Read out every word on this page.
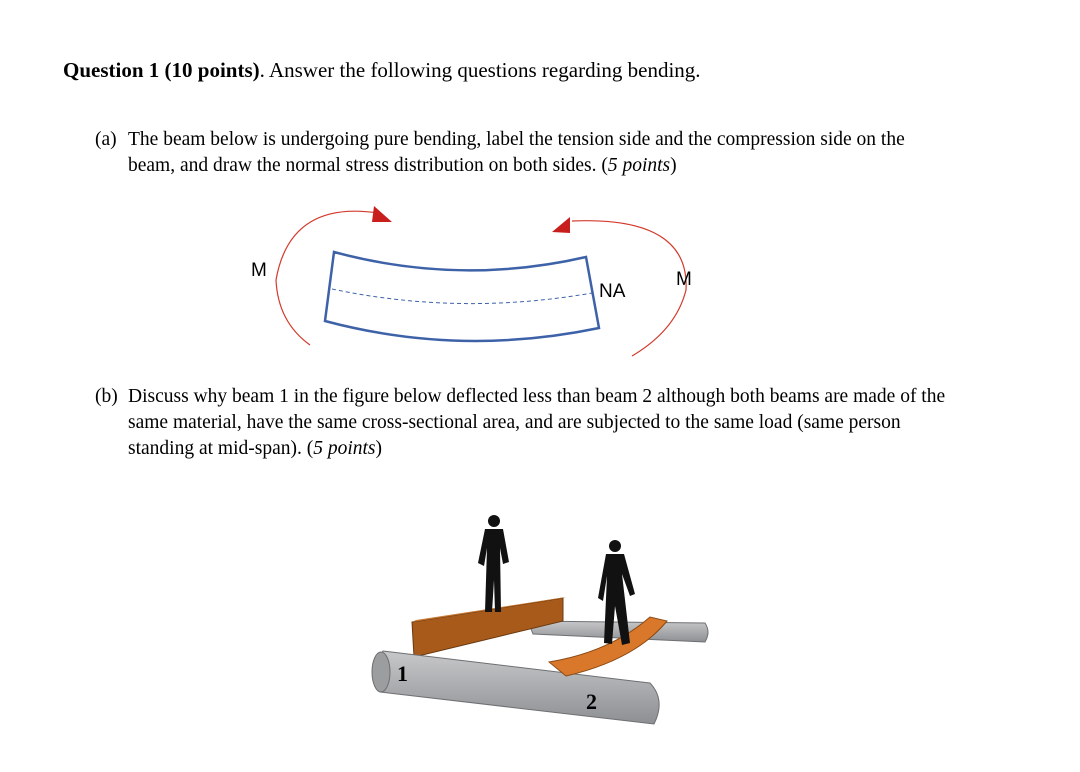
Question 1 (10 points). Answer the following questions regarding bending.
(a) The beam below is undergoing pure bending, label the tension side and the compression side on the
beam, and draw the normal stress distribution on both sides. (5 points)
M	M
NA
(b) Discuss why beam 1 in the figure below deflected less than beam 2 although both beams are made of the
same material, have the same cross-sectional area, and are subjected to the same load (same person
standing at mid-span). (5 points)
1
2
